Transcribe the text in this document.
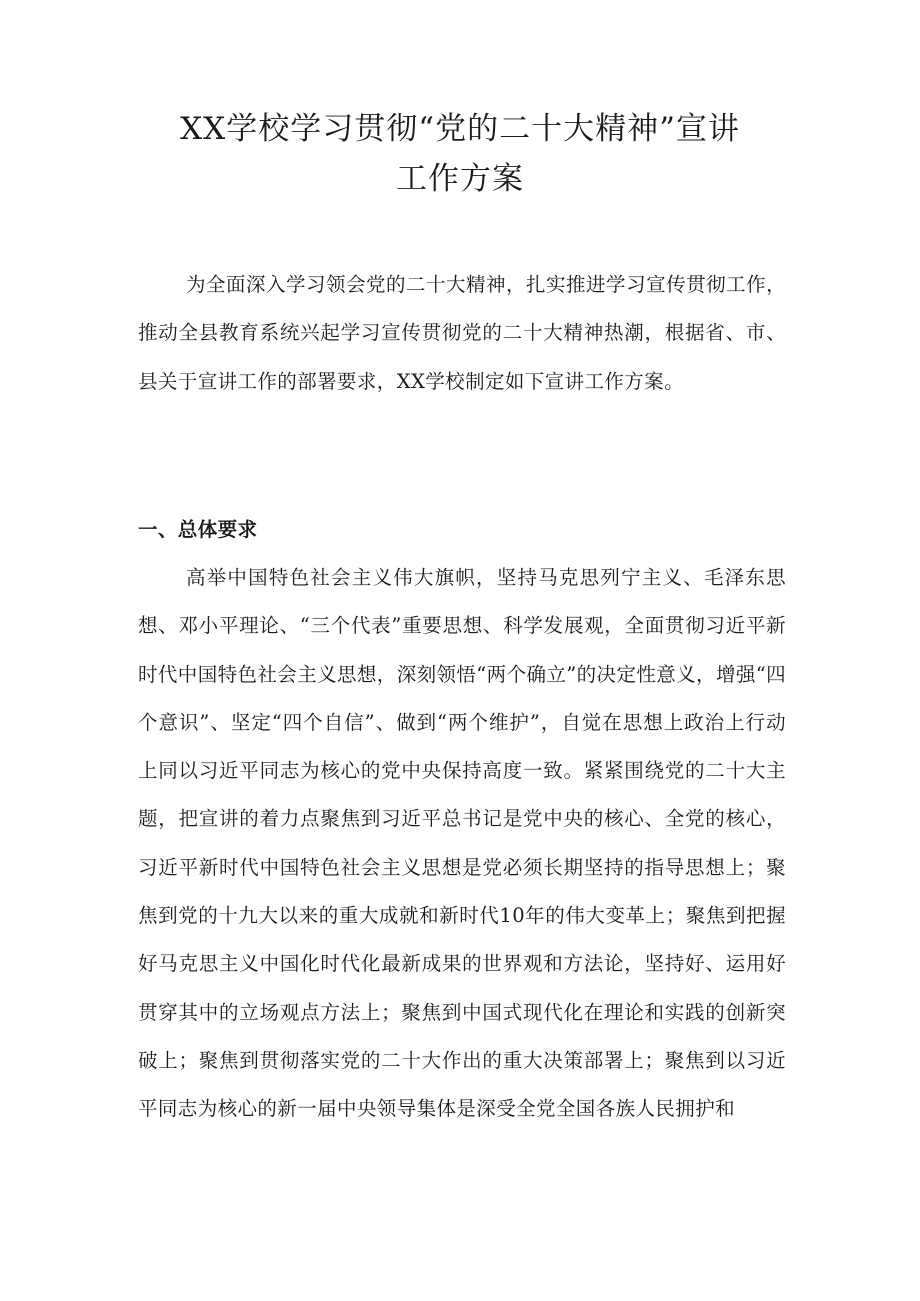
XX学校学习贯彻“党的二十大精神”宣讲
工作方案

为全面深入学习领会党的二十大精神，扎实推进学习宣传贯彻工作，推动全县教育系统兴起学习宣传贯彻党的二十大精神热潮，根据省、市、县关于宣讲工作的部署要求，XX学校制定如下宣讲工作方案。

一、总体要求

高举中国特色社会主义伟大旗帜，坚持马克思列宁主义、毛泽东思想、邓小平理论、“三个代表”重要思想、科学发展观，全面贯彻习近平新时代中国特色社会主义思想，深刻领悟“两个确立”的决定性意义，增强“四个意识”、坚定“四个自信”、做到“两个维护”，自觉在思想上政治上行动上同以习近平同志为核心的党中央保持高度一致。紧紧围绕党的二十大主题，把宣讲的着力点聚焦到习近平总书记是党中央的核心、全党的核心，习近平新时代中国特色社会主义思想是党必须长期坚持的指导思想上；聚焦到党的十九大以来的重大成就和新时代10年的伟大变革上；聚焦到把握好马克思主义中国化时代化最新成果的世界观和方法论，坚持好、运用好贯穿其中的立场观点方法上；聚焦到中国式现代化在理论和实践的创新突破上；聚焦到贯彻落实党的二十大作出的重大决策部署上；聚焦到以习近平同志为核心的新一届中央领导集体是深受全党全国各族人民拥护和
